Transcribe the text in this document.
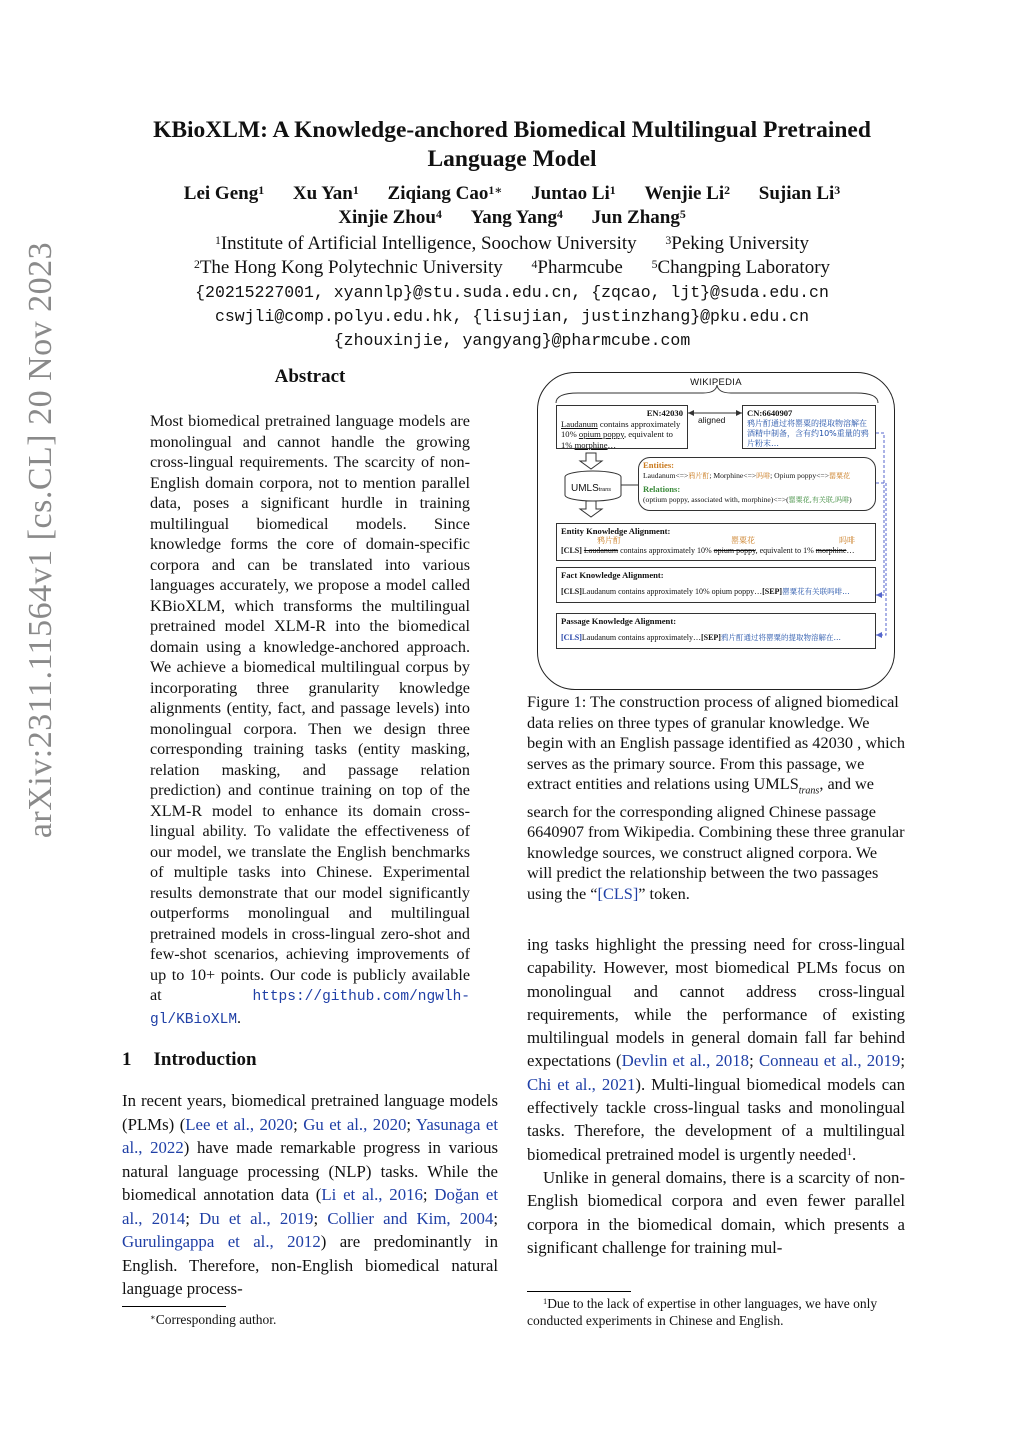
arXiv:2311.11564v1 [cs.CL] 20 Nov 2023
KBioXLM: A Knowledge-anchored Biomedical Multilingual Pretrained
Language Model
Lei Geng$^1$ Xu Yan$^1$ Ziqiang Cao$^{1∗}$ Juntao Li$^1$ Wenjie Li$^2$ Sujian Li$^3$
Xinjie Zhou$^4$ Yang Yang$^4$ Jun Zhang$^5$
$^1$Institute of Artificial Intelligence, Soochow University $^3$Peking University
$^2$The Hong Kong Polytechnic University $^4$Pharmcube $^5$Changping Laboratory
{20215227001, xyannlp}@stu.suda.edu.cn, {zqcao, ljt}@suda.edu.cn
cswjli@comp.polyu.edu.hk, {lisujian, justinzhang}@pku.edu.cn
{zhouxinjie, yangyang}@pharmcube.com
Abstract
Most biomedical pretrained language models are monolingual and cannot handle the growing cross-lingual requirements. The scarcity of non-English domain corpora, not to mention parallel data, poses a significant hurdle in training multilingual biomedical models. Since knowledge forms the core of domain-specific corpora and can be translated into various languages accurately, we propose a model called KBioXLM, which transforms the multilingual pretrained model XLM-R into the biomedical domain using a knowledge-anchored approach. We achieve a biomedical multilingual corpus by incorporating three granularity knowledge alignments (entity, fact, and passage levels) into monolingual corpora. Then we design three corresponding training tasks (entity masking, relation masking, and passage relation prediction) and continue training on top of the XLM-R model to enhance its domain cross-lingual ability. To validate the effectiveness of our model, we translate the English benchmarks of multiple tasks into Chinese. Experimental results demonstrate that our model significantly outperforms monolingual and multilingual pretrained models in cross-lingual zero-shot and few-shot scenarios, achieving improvements of up to 10+ points. Our code is publicly available at https://github.com/ngwlh-gl/KBioXLM.
1 Introduction
In recent years, biomedical pretrained language models (PLMs) (Lee et al., 2020; Gu et al., 2020; Yasunaga et al., 2022) have made remarkable progress in various natural language processing (NLP) tasks. While the biomedical annotation data (Li et al., 2016; Doğan et al., 2014; Du et al., 2019; Collier and Kim, 2004; Gurulingappa et al., 2012) are predominantly in English. Therefore, non-English biomedical natural language process-
∗Corresponding author.
WIKIPEDIA
EN:42030
Laudanum contains approximately 10% opium poppy, equivalent to 1% morphine…
aligned
CN:6640907
鸦片酊通过将罂粟的提取物溶解在酒精中制备，含有约10%重量的鸦片粉末…
UMLStrans
Entities:
Laudanum<=>鸦片酊; Morphine<=>吗啡; Opium poppy<=>罂粟花
Relations:
(optium poppy, associated with, morphine)<=>(罂粟花,有关联,吗啡)
Entity Knowledge Alignment:
鸦片酊	罂粟花	吗啡
[CLS] Laudanum contains approximately 10% opium poppy, equivalent to 1% morphine…
Fact Knowledge Alignment:
[CLS]Laudanum contains approximately 10% opium poppy…[SEP]罂粟花有关联吗啡…
Passage Knowledge Alignment:
[CLS]Laudanum contains approximately…[SEP]鸦片酊通过将罂粟的提取物溶解在…
Figure 1: The construction process of aligned biomedical data relies on three types of granular knowledge. We begin with an English passage identified as 42030 , which serves as the primary source. From this passage, we extract entities and relations using $UMLS_{trans}$, and we search for the corresponding aligned Chinese passage 6640907 from Wikipedia. Combining these three granular knowledge sources, we construct aligned corpora. We will predict the relationship between the two passages using the “[CLS]” token.

ing tasks highlight the pressing need for cross-lingual capability. However, most biomedical PLMs focus on monolingual and cannot address cross-lingual requirements, while the performance of existing multilingual models in general domain fall far behind expectations (Devlin et al., 2018; Conneau et al., 2019; Chi et al., 2021). Multi-lingual biomedical models can effectively tackle cross-lingual tasks and monolingual tasks. Therefore, the development of a multilingual biomedical pretrained model is urgently needed$^1$.

Unlike in general domains, there is a scarcity of non-English biomedical corpora and even fewer parallel corpora in the biomedical domain, which presents a significant challenge for training mul-

$^1$Due to the lack of expertise in other languages, we have only conducted experiments in Chinese and English.
